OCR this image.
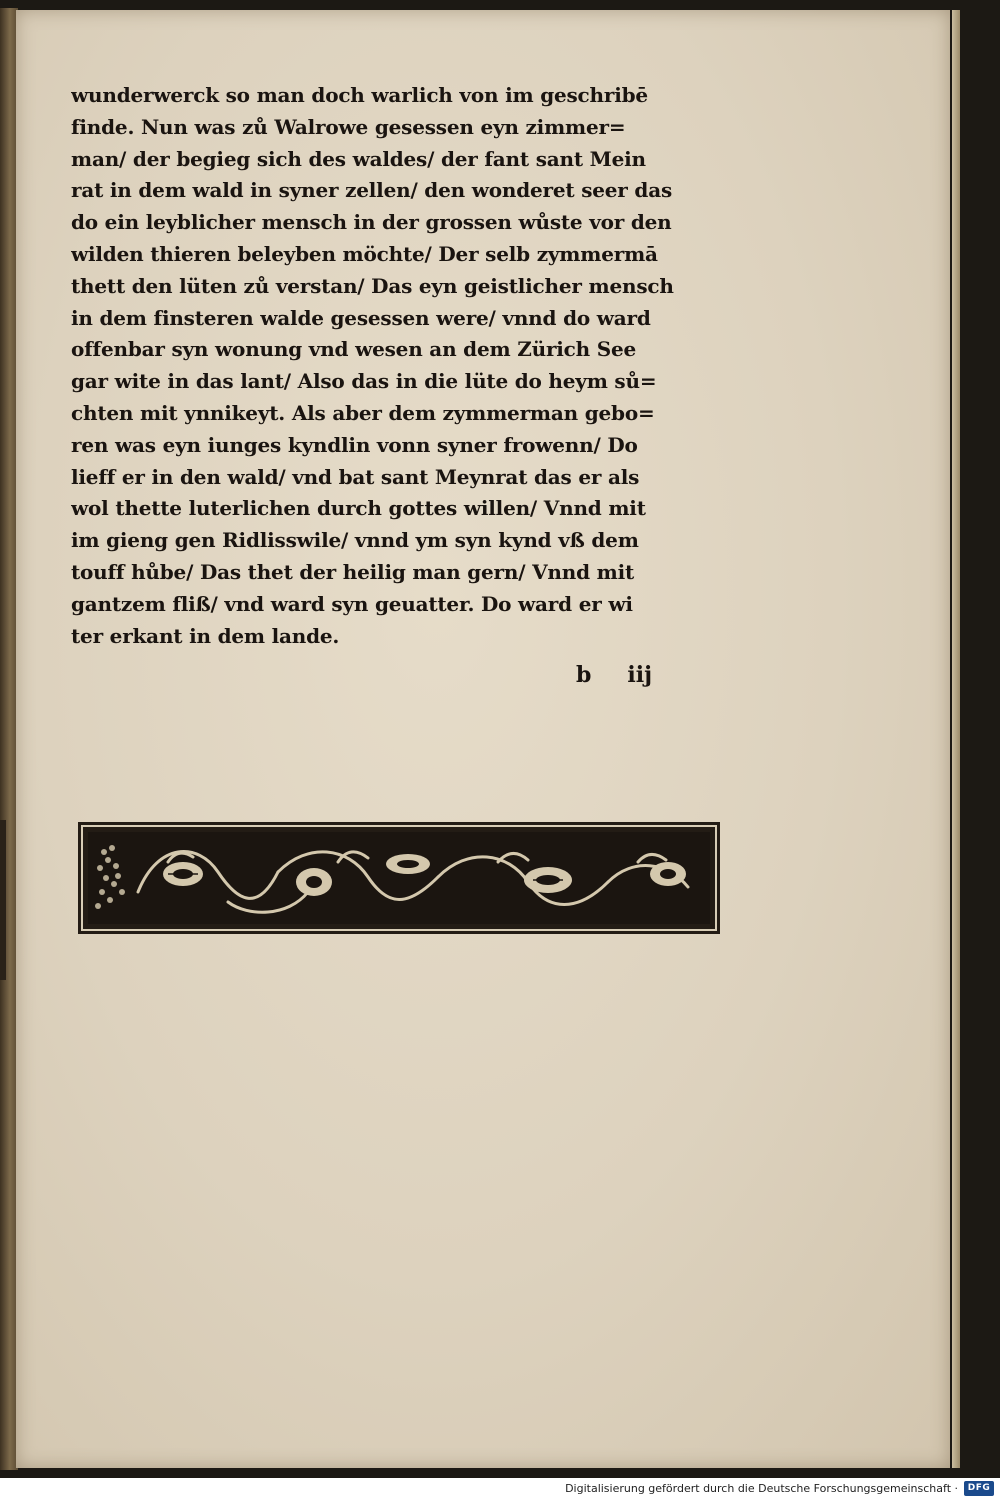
wunderwerck so man doch warlich von im geschribē

finde. Nun was zů Walrowe gesessen eyn zimmer=

man/ der begieg sich des waldes/ der fant sant Mein

rat in dem wald in syner zellen/ den wonderet seer das

do ein leyblicher mensch in der grossen wůste vor den

wilden thieren beleyben möchte/ Der selb zymmermā

thett den lüten zů verstan/ Das eyn geistlicher mensch

in dem finsteren walde gesessen were/ vnnd do ward

offenbar syn wonung vnd wesen an dem Zürich See

gar wite in das lant/ Also das in die lüte do heym sů=

chten mit ynnikeyt. Als aber dem zymmerman gebo=

ren was eyn iunges kyndlin vonn syner frowenn/ Do

lieff er in den wald/ vnd bat sant Meynrat das er als

wol thette luterlichen durch gottes willen/ Vnnd mit

im gieng gen Ridlisswile/ vnnd ym syn kynd vß dem

touff hůbe/ Das thet der heilig man gern/ Vnnd mit

gantzem fliß/ vnd ward syn geuatter. Do ward er wi

ter erkant in dem lande.

b iij
Digitalisierung gefördert durch die Deutsche Forschungsgemeinschaft ·	DFG
